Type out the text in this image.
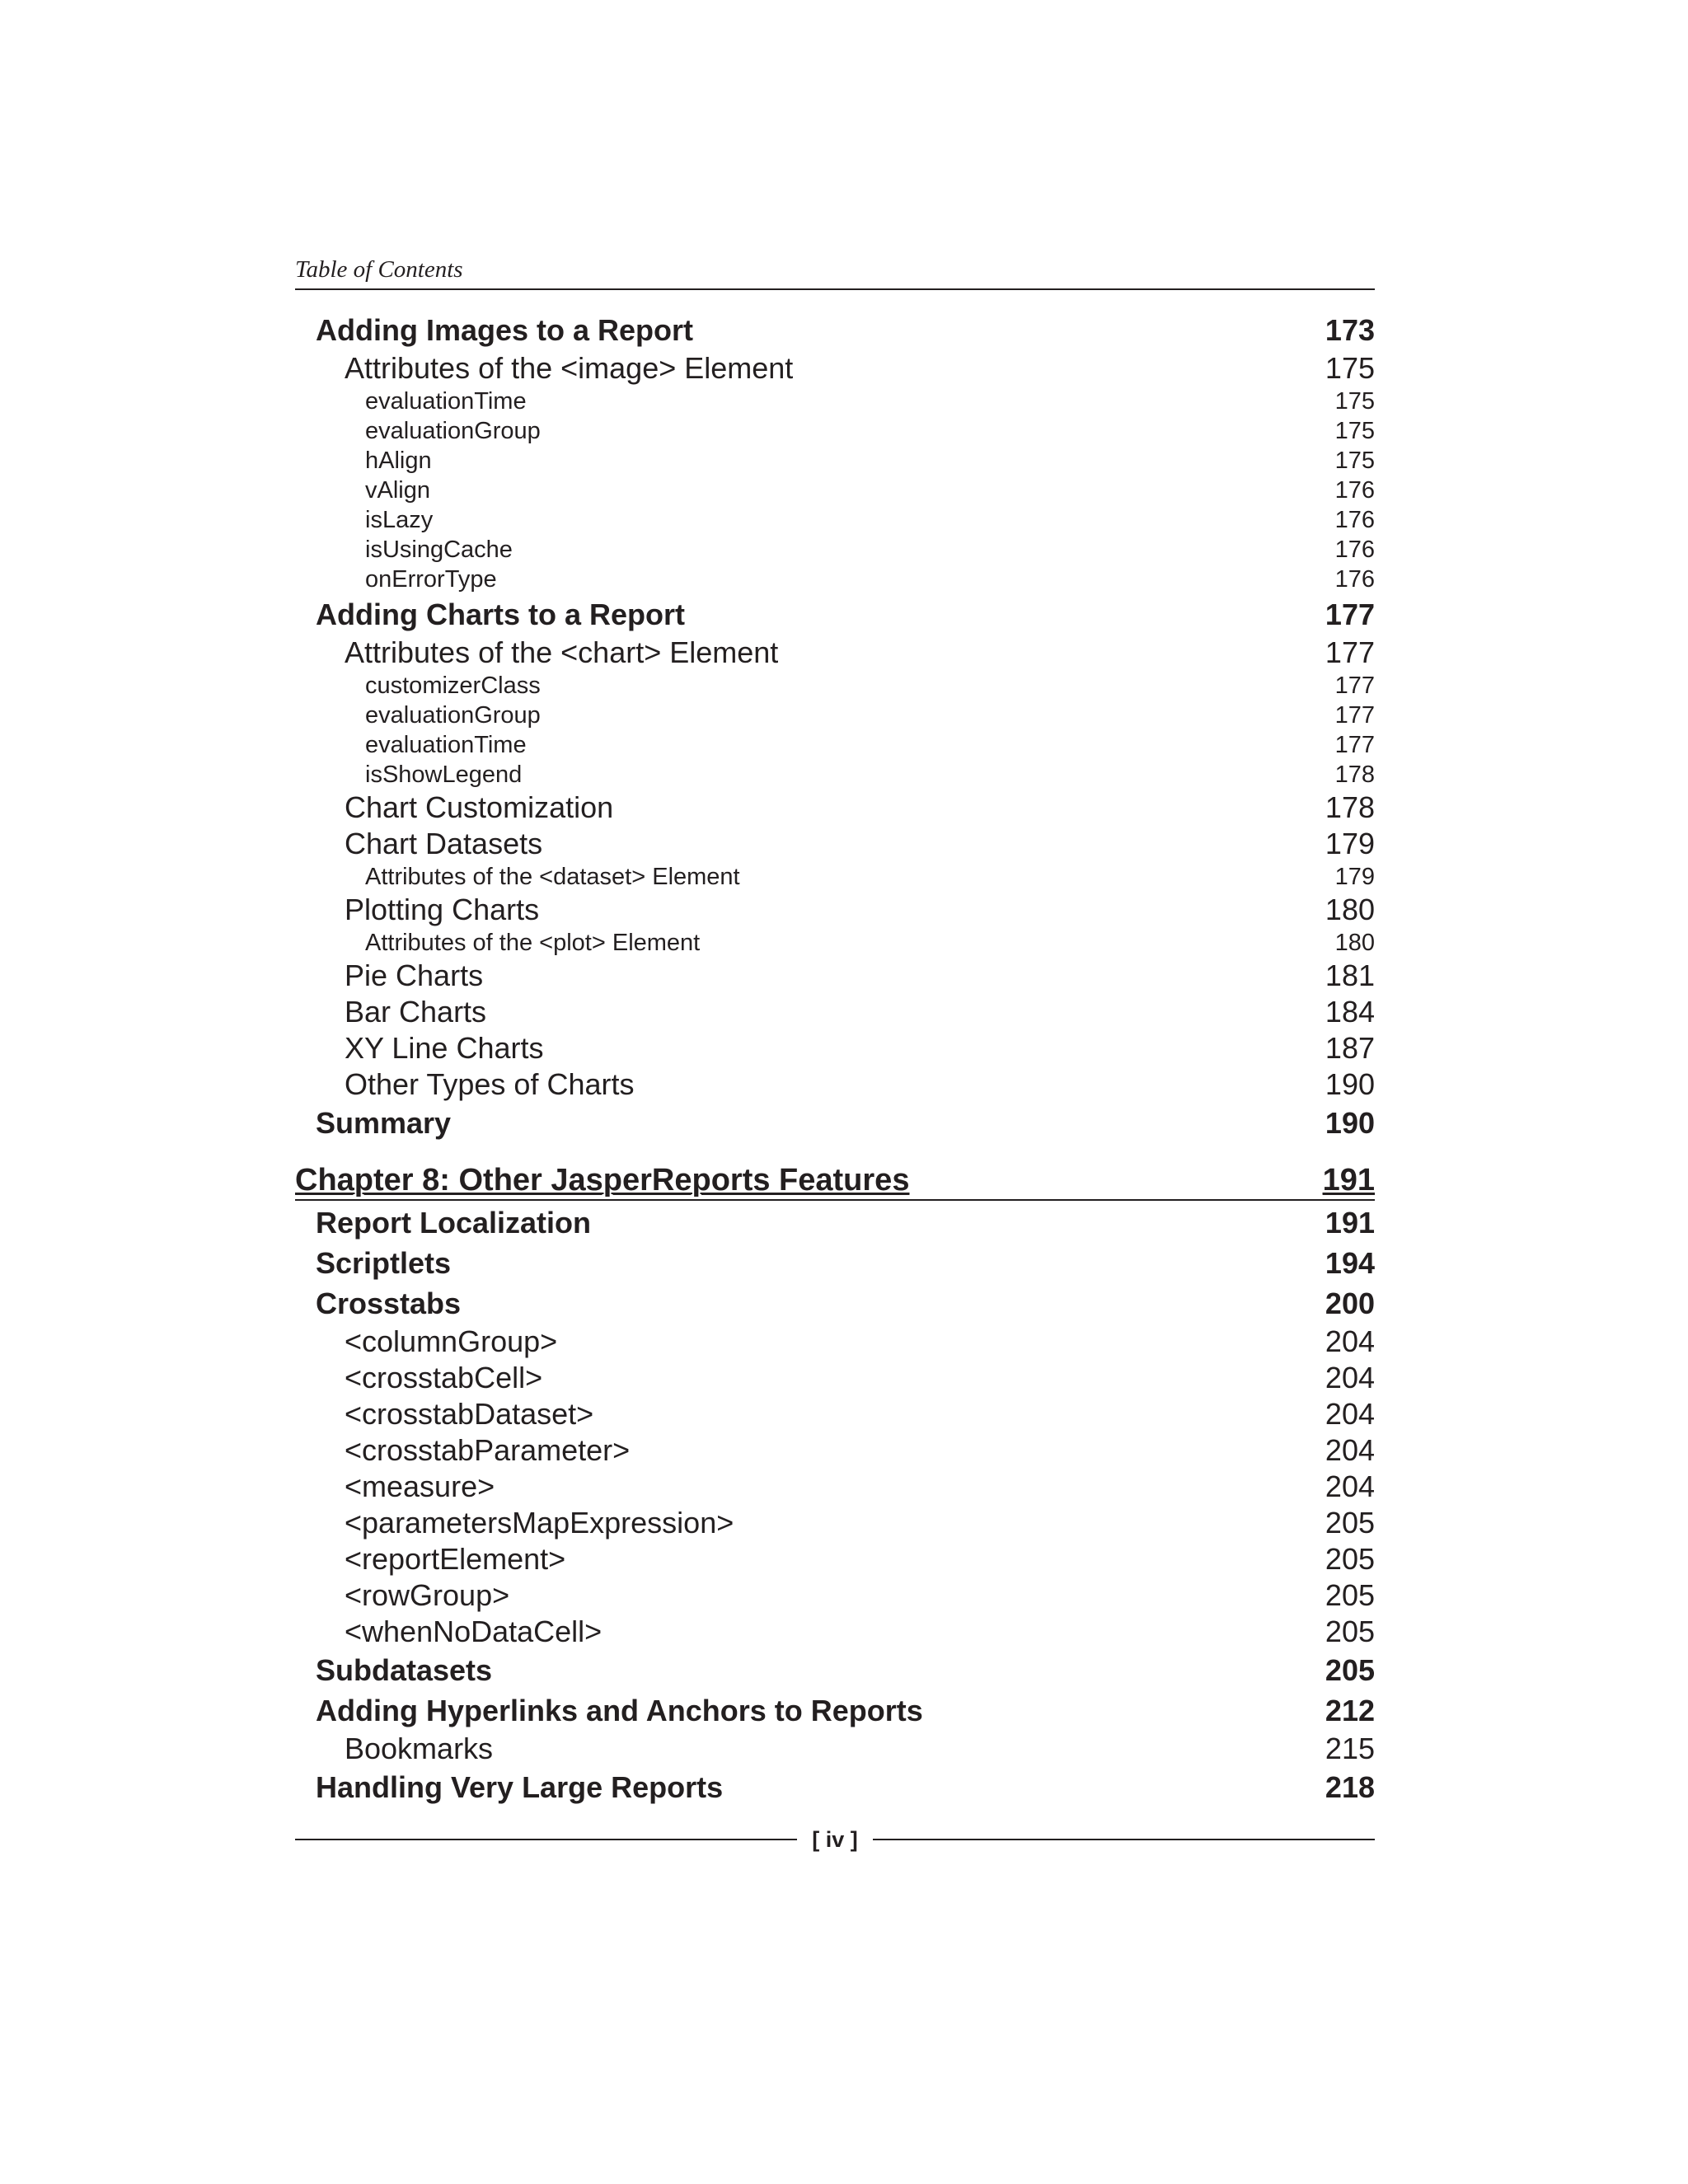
Table of Contents
Adding Images to a Report	173
Attributes of the <image> Element	175
evaluationTime	175
evaluationGroup	175
hAlign	175
vAlign	176
isLazy	176
isUsingCache	176
onErrorType	176
Adding Charts to a Report	177
Attributes of the <chart> Element	177
customizerClass	177
evaluationGroup	177
evaluationTime	177
isShowLegend	178
Chart Customization	178
Chart Datasets	179
Attributes of the <dataset> Element	179
Plotting Charts	180
Attributes of the <plot> Element	180
Pie Charts	181
Bar Charts	184
XY Line Charts	187
Other Types of Charts	190
Summary	190
Chapter 8: Other JasperReports Features	191
Report Localization	191
Scriptlets	194
Crosstabs	200
<columnGroup>	204
<crosstabCell>	204
<crosstabDataset>	204
<crosstabParameter>	204
<measure>	204
<parametersMapExpression>	205
<reportElement>	205
<rowGroup>	205
<whenNoDataCell>	205
Subdatasets	205
Adding Hyperlinks and Anchors to Reports	212
Bookmarks	215
Handling Very Large Reports	218
[ iv ]
